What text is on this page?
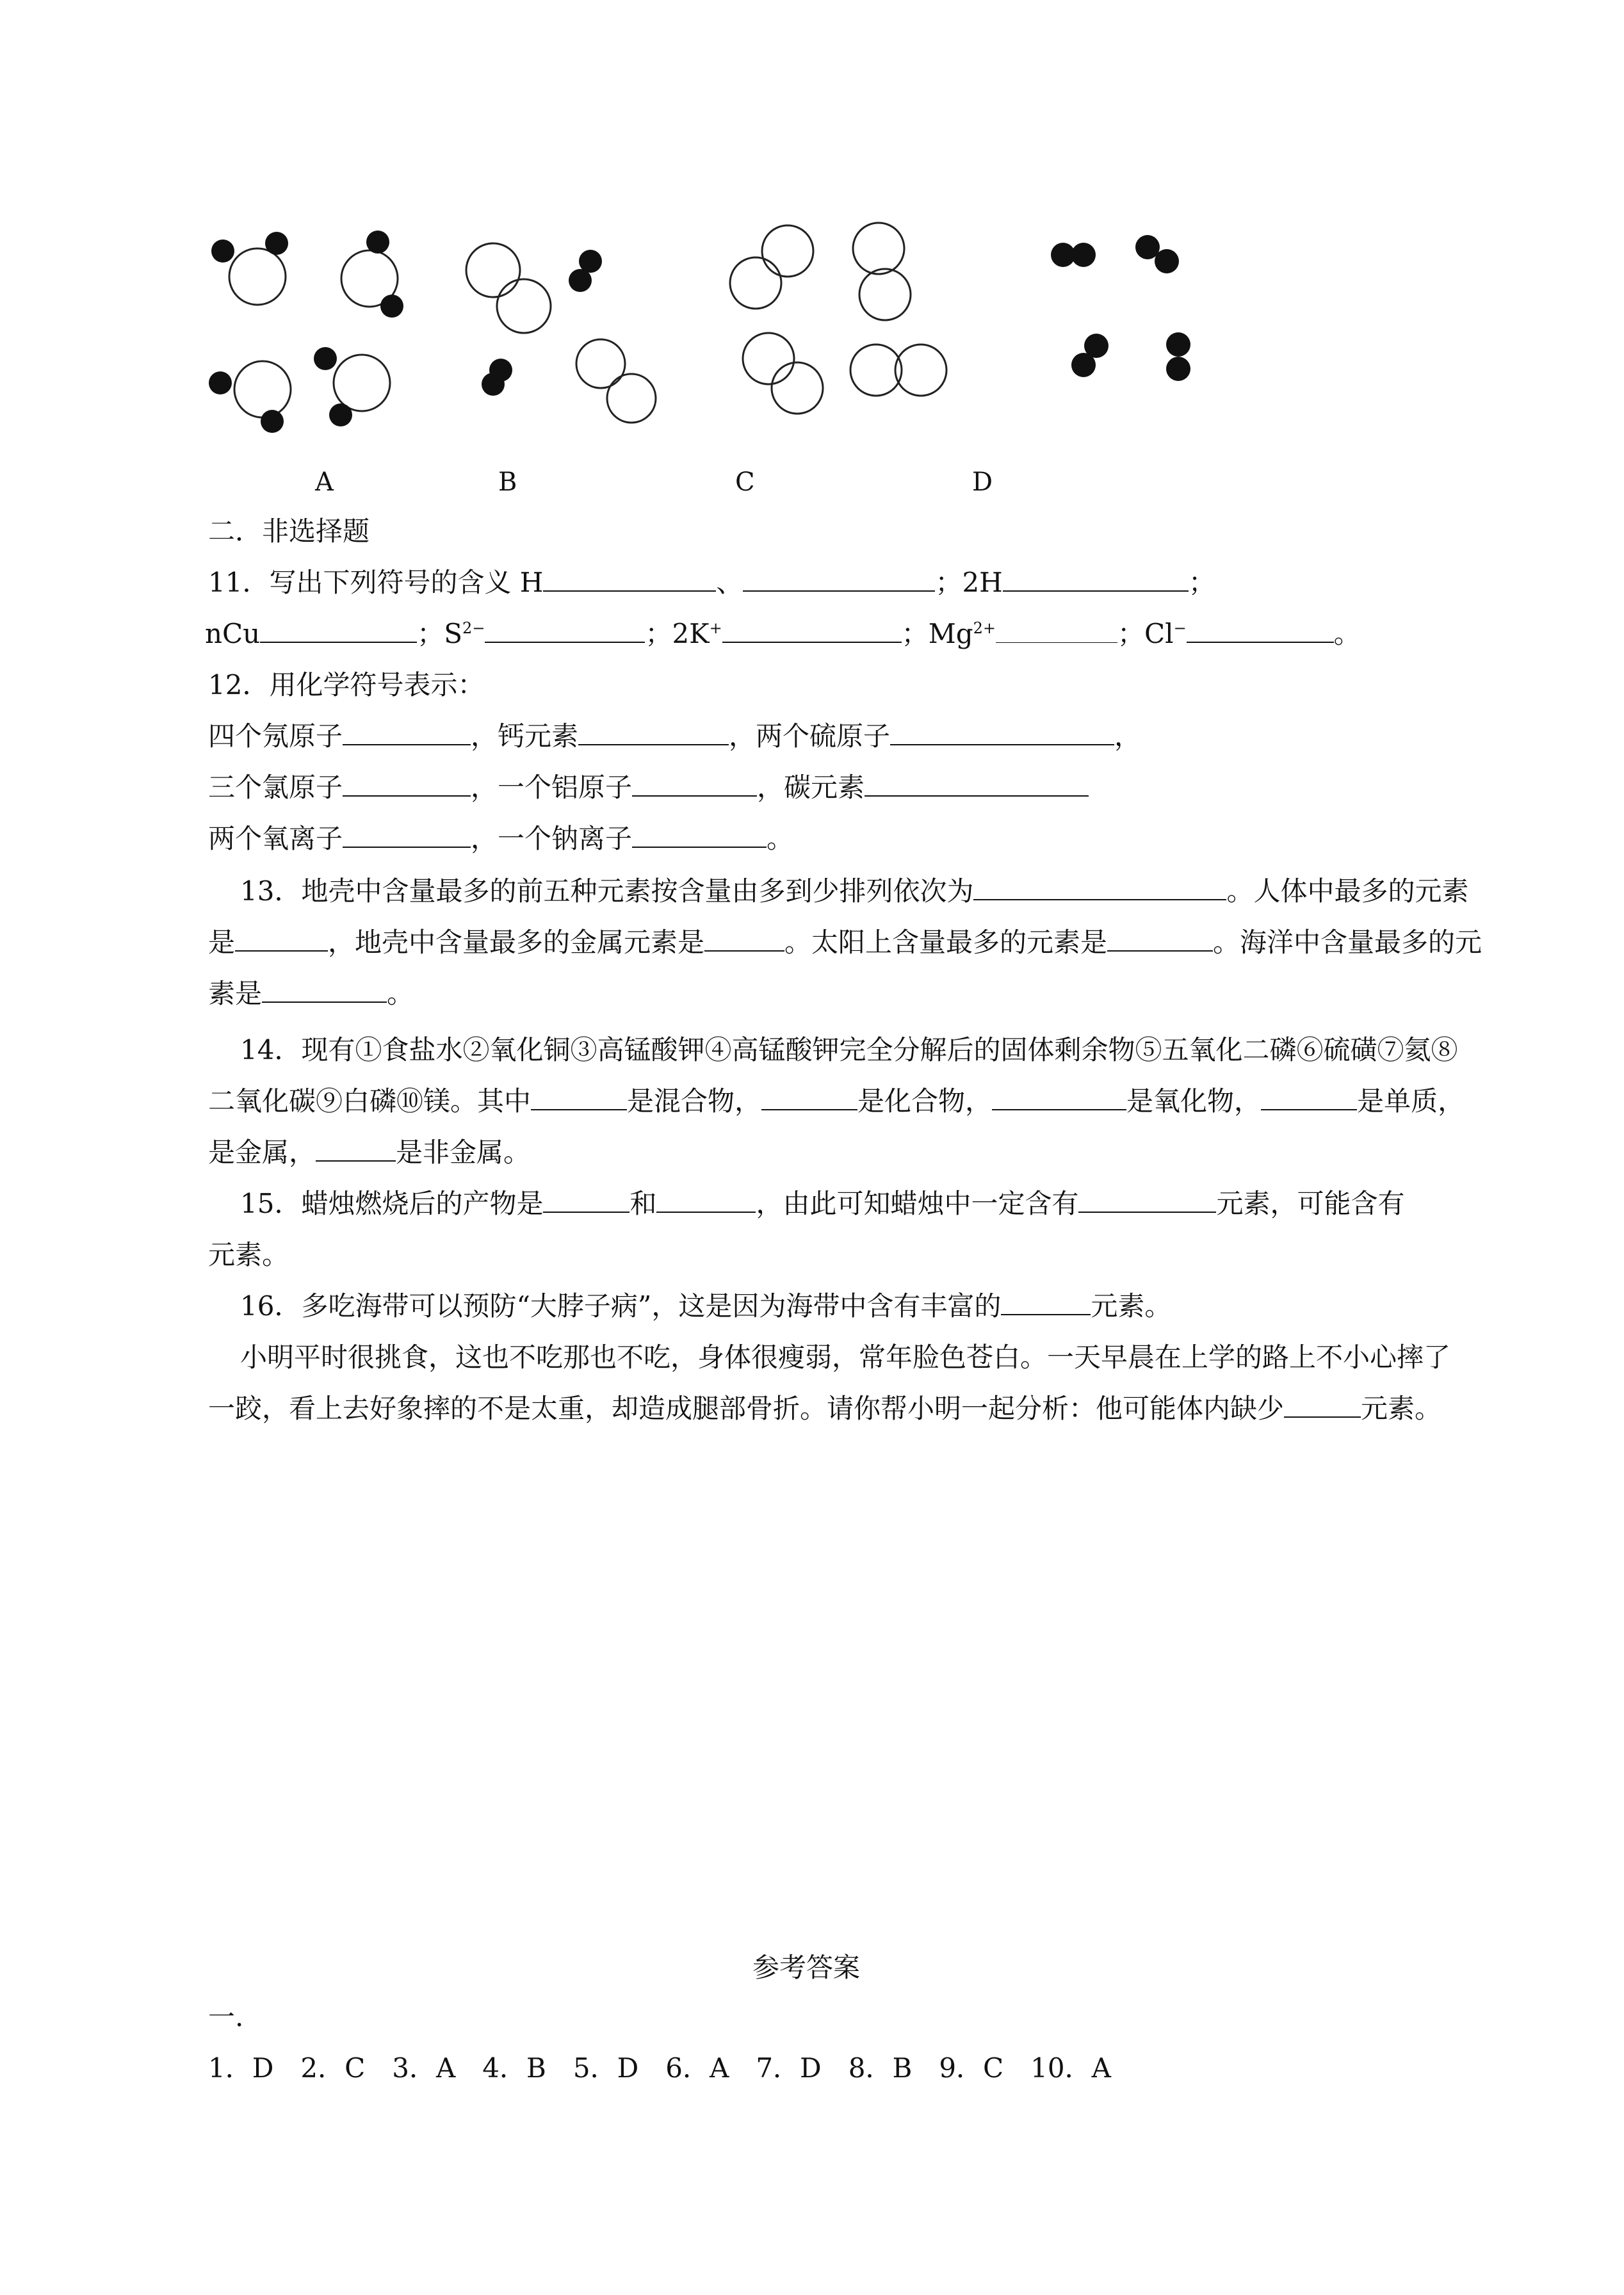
A	B	C	D
二．非选择题
11．写出下列符号的含义 H	、	；2H	；
nCu	；$S^{2-}$	；2K+	；$Mg^{2+}$	；Cl−	。
12．用化学符号表示：
四个氖原子	，钙元素	，两个硫原子	，
三个氯原子	，一个铝原子	，碳元素
两个氧离子	，一个钠离子	。
13．地壳中含量最多的前五种元素按含量由多到少排列依次为	。人体中最多的元素
是	，地壳中含量最多的金属元素是	。太阳上含量最多的元素是	。海洋中含量最多的元
素是	。
14．现有①食盐水②氧化铜③高锰酸钾④高锰酸钾完全分解后的固体剩余物⑤五氧化二磷⑥硫磺⑦氦⑧
二氧化碳⑨白磷⑩镁。其中	是混合物，	是化合物，	是氧化物，	是单质，
是金属，	是非金属。
15．蜡烛燃烧后的产物是	和	，由此可知蜡烛中一定含有	元素，可能含有
元素。
16．多吃海带可以预防“大脖子病”，这是因为海带中含有丰富的	元素。
小明平时很挑食，这也不吃那也不吃，身体很瘦弱，常年脸色苍白。一天早晨在上学的路上不小心摔了
一跤，看上去好象摔的不是太重，却造成腿部骨折。请你帮小明一起分析：他可能体内缺少	元素。
参考答案
一.
1．D　2．C　3．A　4．B　5．D　6．A　7．D　8．B　9．C　10．A
